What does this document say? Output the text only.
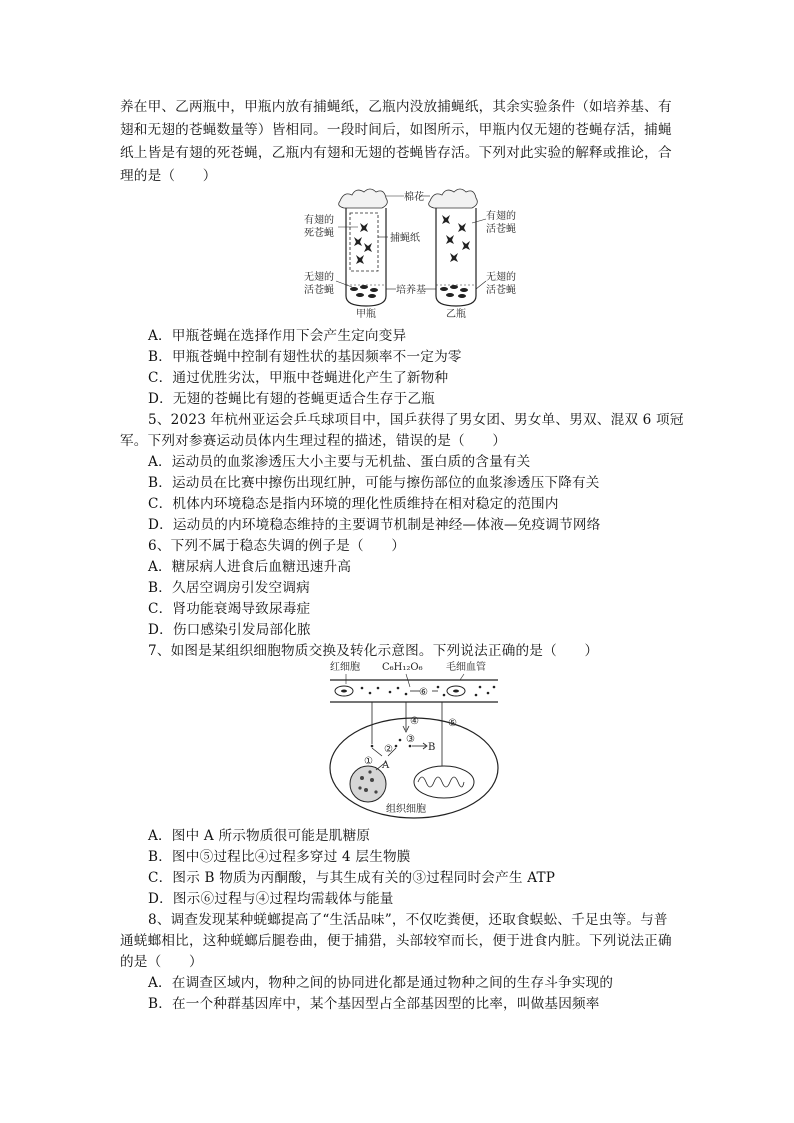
养在甲、乙两瓶中，甲瓶内放有捕蝇纸，乙瓶内没放捕蝇纸，其余实验条件（如培养基、有
翅和无翅的苍蝇数量等）皆相同。一段时间后，如图所示，甲瓶内仅无翅的苍蝇存活，捕蝇
纸上皆是有翅的死苍蝇，乙瓶内有翅和无翅的苍蝇皆存活。下列对此实验的解释或推论，合
理的是（　　）
棉花
有翅的
死苍蝇	捕蝇纸
有翅的
活苍蝇
无翅的
活苍蝇	培养基
无翅的
活苍蝇
甲瓶	乙瓶
A．甲瓶苍蝇在选择作用下会产生定向变异
B．甲瓶苍蝇中控制有翅性状的基因频率不一定为零
C．通过优胜劣汰，甲瓶中苍蝇进化产生了新物种
D．无翅的苍蝇比有翅的苍蝇更适合生存于乙瓶
5、2023 年杭州亚运会乒乓球项目中，国乒获得了男女团、男女单、男双、混双 6 项冠
军。下列对参赛运动员体内生理过程的描述，错误的是（　　）
A．运动员的血浆渗透压大小主要与无机盐、蛋白质的含量有关
B．运动员在比赛中擦伤出现红肿，可能与擦伤部位的血浆渗透压下降有关
C．机体内环境稳态是指内环境的理化性质维持在相对稳定的范围内
D．运动员的内环境稳态维持的主要调节机制是神经—体液—免疫调节网络
6、下列不属于稳态失调的例子是（　　）
A．糖尿病人进食后血糖迅速升高
B．久居空调房引发空调病
C．肾功能衰竭导致尿毒症
D．伤口感染引发局部化脓
7、如图是某组织细胞物质交换及转化示意图。下列说法正确的是（　　）
⑥
红细胞 C₆H₁₂O₆ 毛细血管
④	⑤
①
②
③
A
B
组织细胞
A．图中 A 所示物质很可能是肌糖原
B．图中⑤过程比④过程多穿过 4 层生物膜
C．图示 B 物质为丙酮酸，与其生成有关的③过程同时会产生 ATP
D．图示⑥过程与④过程均需载体与能量
8、调查发现某种蜣螂提高了“生活品味”，不仅吃粪便，还取食蜈蚣、千足虫等。与普
通蜣螂相比，这种蜣螂后腿卷曲，便于捕猎，头部较窄而长，便于进食内脏。下列说法正确
的是（　　）
A．在调查区域内，物种之间的协同进化都是通过物种之间的生存斗争实现的
B．在一个种群基因库中，某个基因型占全部基因型的比率，叫做基因频率
